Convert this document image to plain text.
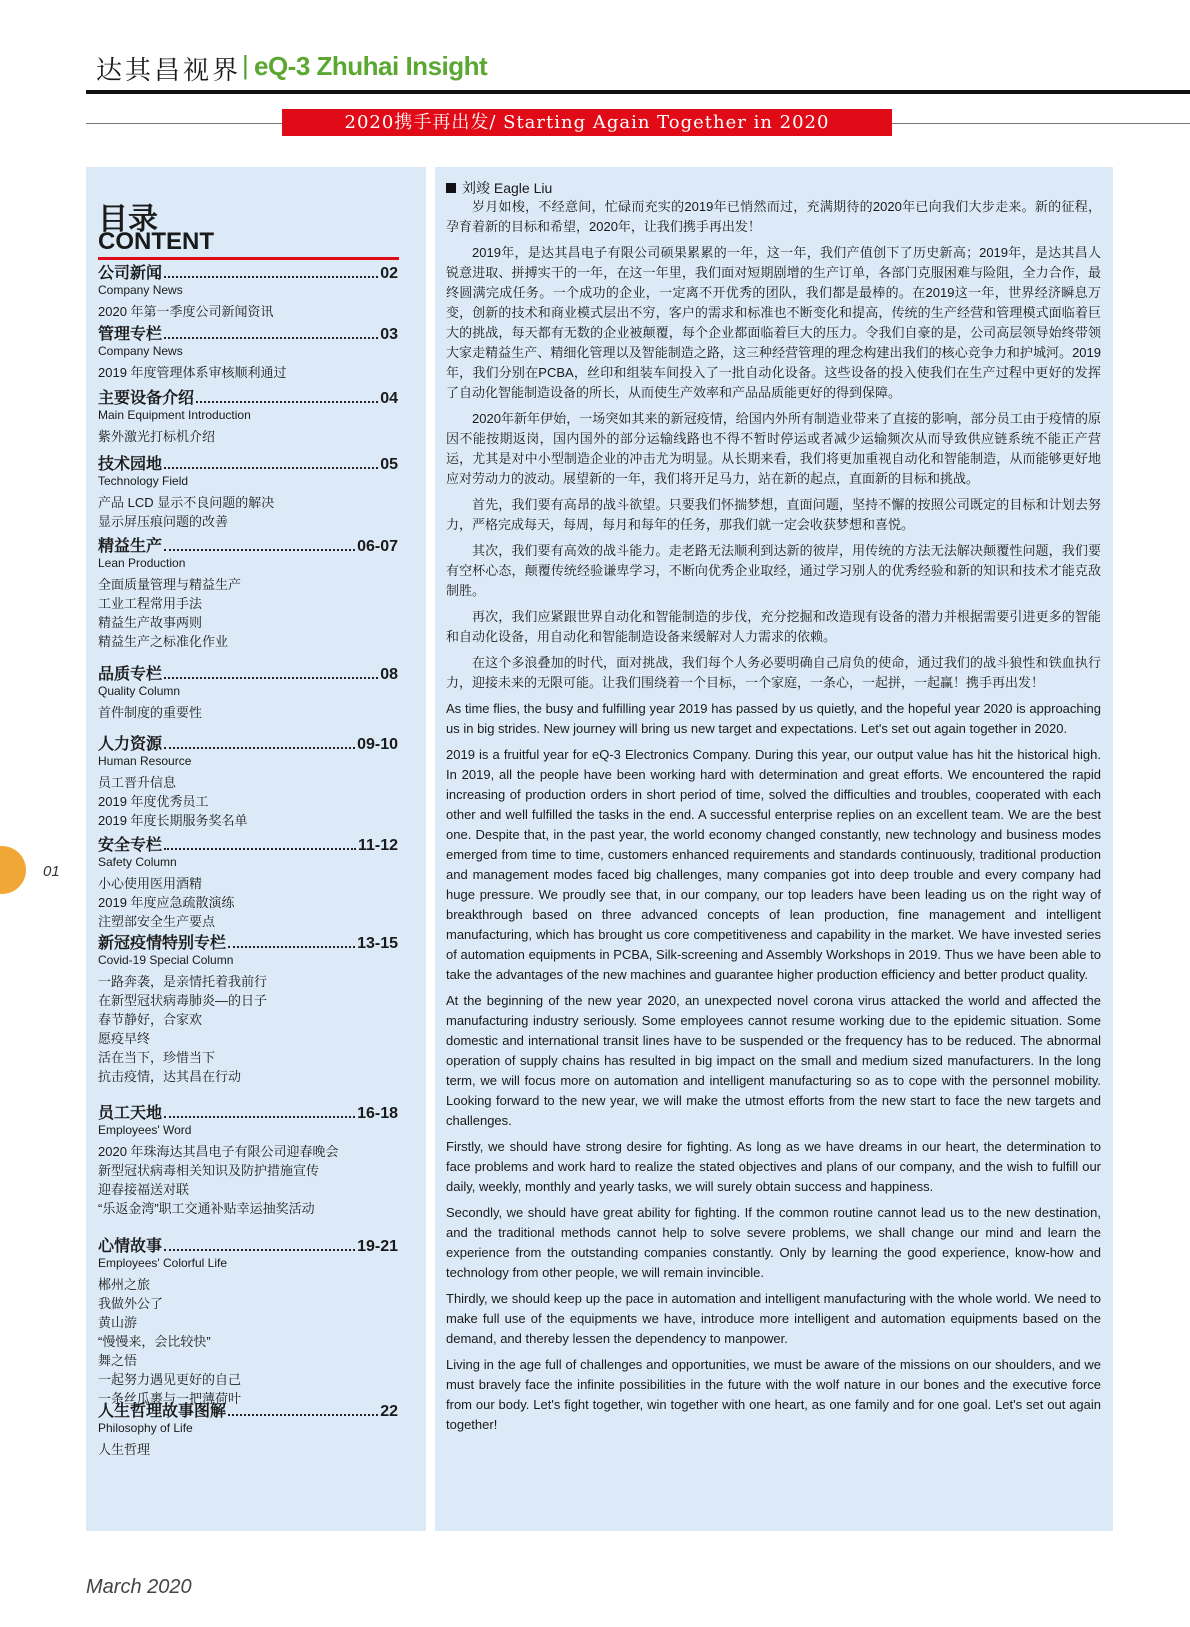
达其昌视界 | eQ-3 Zhuhai Insight
2020携手再出发/ Starting Again Together in 2020
目录
CONTENT
公司新闻	02
Company News
2020 年第一季度公司新闻资讯
管理专栏	03
Company News
2019 年度管理体系审核顺利通过
主要设备介绍	04
Main Equipment Introduction
紫外激光打标机介绍
技术园地	05
Technology Field
产品 LCD 显示不良问题的解决
显示屏压痕问题的改善
精益生产	06-07
Lean Production
全面质量管理与精益生产
工业工程常用手法
精益生产故事两则
精益生产之标准化作业
品质专栏	08
Quality Column
首件制度的重要性
人力资源	09-10
Human Resource
员工晋升信息
2019 年度优秀员工
2019 年度长期服务奖名单
安全专栏	11-12
Safety Column
小心使用医用酒精
2019 年度应急疏散演练
注塑部安全生产要点
新冠疫情特别专栏	13-15
Covid-19 Special Column
一路奔袭，是亲情托着我前行
在新型冠状病毒肺炎—的日子
春节静好，合家欢
愿疫早终
活在当下，珍惜当下
抗击疫情，达其昌在行动
员工天地	16-18
Employees' Word
2020 年珠海达其昌电子有限公司迎春晚会
新型冠状病毒相关知识及防护措施宣传
迎春接福送对联
“乐返金湾”职工交通补贴幸运抽奖活动
心情故事	19-21
Employees' Colorful Life
郴州之旅
我做外公了
黄山游
“慢慢来，会比较快”
舞之悟
一起努力遇见更好的自己
一条丝瓜裹与一把薄荷叶
人生哲理故事图解	22
Philosophy of Life
人生哲理
刘竣 Eagle Liu

岁月如梭，不经意间，忙碌而充实的2019年已悄然而过，充满期待的2020年已向我们大步走来。新的征程，孕育着新的目标和希望，2020年，让我们携手再出发！

2019年，是达其昌电子有限公司硕果累累的一年，这一年，我们产值创下了历史新高；2019年，是达其昌人锐意进取、拼搏实干的一年，在这一年里，我们面对短期剧增的生产订单，各部门克服困难与险阻，全力合作，最终圆满完成任务。一个成功的企业，一定离不开优秀的团队，我们都是最棒的。在2019这一年，世界经济瞬息万变，创新的技术和商业模式层出不穷，客户的需求和标准也不断变化和提高，传统的生产经营和管理模式面临着巨大的挑战，每天都有无数的企业被颠覆，每个企业都面临着巨大的压力。令我们自豪的是，公司高层领导始终带领大家走精益生产、精细化管理以及智能制造之路，这三种经营管理的理念构建出我们的核心竞争力和护城河。2019年，我们分别在PCBA，丝印和组装车间投入了一批自动化设备。这些设备的投入使我们在生产过程中更好的发挥了自动化智能制造设备的所长，从而使生产效率和产品品质能更好的得到保障。

2020年新年伊始，一场突如其来的新冠疫情，给国内外所有制造业带来了直接的影响，部分员工由于疫情的原因不能按期返岗，国内国外的部分运输线路也不得不暂时停运或者减少运输频次从而导致供应链系统不能正产营运，尤其是对中小型制造企业的冲击尤为明显。从长期来看，我们将更加重视自动化和智能制造，从而能够更好地应对劳动力的波动。展望新的一年，我们将开足马力，站在新的起点，直面新的目标和挑战。

首先，我们要有高昂的战斗欲望。只要我们怀揣梦想，直面问题，坚持不懈的按照公司既定的目标和计划去努力，严格完成每天，每周，每月和每年的任务，那我们就一定会收获梦想和喜悦。

其次，我们要有高效的战斗能力。走老路无法顺利到达新的彼岸，用传统的方法无法解决颠覆性问题，我们要有空杯心态，颠覆传统经验谦卑学习，不断向优秀企业取经，通过学习别人的优秀经验和新的知识和技术才能克敌制胜。

再次，我们应紧跟世界自动化和智能制造的步伐，充分挖掘和改造现有设备的潜力并根据需要引进更多的智能和自动化设备，用自动化和智能制造设备来缓解对人力需求的依赖。

在这个多浪叠加的时代，面对挑战，我们每个人务必要明确自己肩负的使命，通过我们的战斗狼性和铁血执行力，迎接未来的无限可能。让我们围绕着一个目标，一个家庭，一条心，一起拼，一起赢！携手再出发！

As time flies, the busy and fulfilling year 2019 has passed by us quietly, and the hopeful year 2020 is approaching us in big strides. New journey will bring us new target and expectations. Let's set out again together in 2020.

2019 is a fruitful year for eQ-3 Electronics Company. During this year, our output value has hit the historical high. In 2019, all the people have been working hard with determination and great efforts. We encountered the rapid increasing of production orders in short period of time, solved the difficulties and troubles, cooperated with each other and well fulfilled the tasks in the end. A successful enterprise replies on an excellent team. We are the best one. Despite that, in the past year, the world economy changed constantly, new technology and business modes emerged from time to time, customers enhanced requirements and standards continuously, traditional production and management modes faced big challenges, many companies got into deep trouble and every company had huge pressure. We proudly see that, in our company, our top leaders have been leading us on the right way of breakthrough based on three advanced concepts of lean production, fine management and intelligent manufacturing, which has brought us core competitiveness and capability in the market. We have invested series of automation equipments in PCBA, Silk-screening and Assembly Workshops in 2019. Thus we have been able to take the advantages of the new machines and guarantee higher production efficiency and better product quality.

At the beginning of the new year 2020, an unexpected novel corona virus attacked the world and affected the manufacturing industry seriously. Some employees cannot resume working due to the epidemic situation. Some domestic and international transit lines have to be suspended or the frequency has to be reduced. The abnormal operation of supply chains has resulted in big impact on the small and medium sized manufacturers. In the long term, we will focus more on automation and intelligent manufacturing so as to cope with the personnel mobility. Looking forward to the new year, we will make the utmost efforts from the new start to face the new targets and challenges.

Firstly, we should have strong desire for fighting. As long as we have dreams in our heart, the determination to face problems and work hard to realize the stated objectives and plans of our company, and the wish to fulfill our daily, weekly, monthly and yearly tasks, we will surely obtain success and happiness.

Secondly, we should have great ability for fighting. If the common routine cannot lead us to the new destination, and the traditional methods cannot help to solve severe problems, we shall change our mind and learn the experience from the outstanding companies constantly. Only by learning the good experience, know-how and technology from other people, we will remain invincible.

Thirdly, we should keep up the pace in automation and intelligent manufacturing with the whole world. We need to make full use of the equipments we have, introduce more intelligent and automation equipments based on the demand, and thereby lessen the dependency to manpower.

Living in the age full of challenges and opportunities, we must be aware of the missions on our shoulders, and we must bravely face the infinite possibilities in the future with the wolf nature in our bones and the executive force from our body. Let's fight together, win together with one heart, as one family and for one goal. Let's set out again together!

01
March 2020
